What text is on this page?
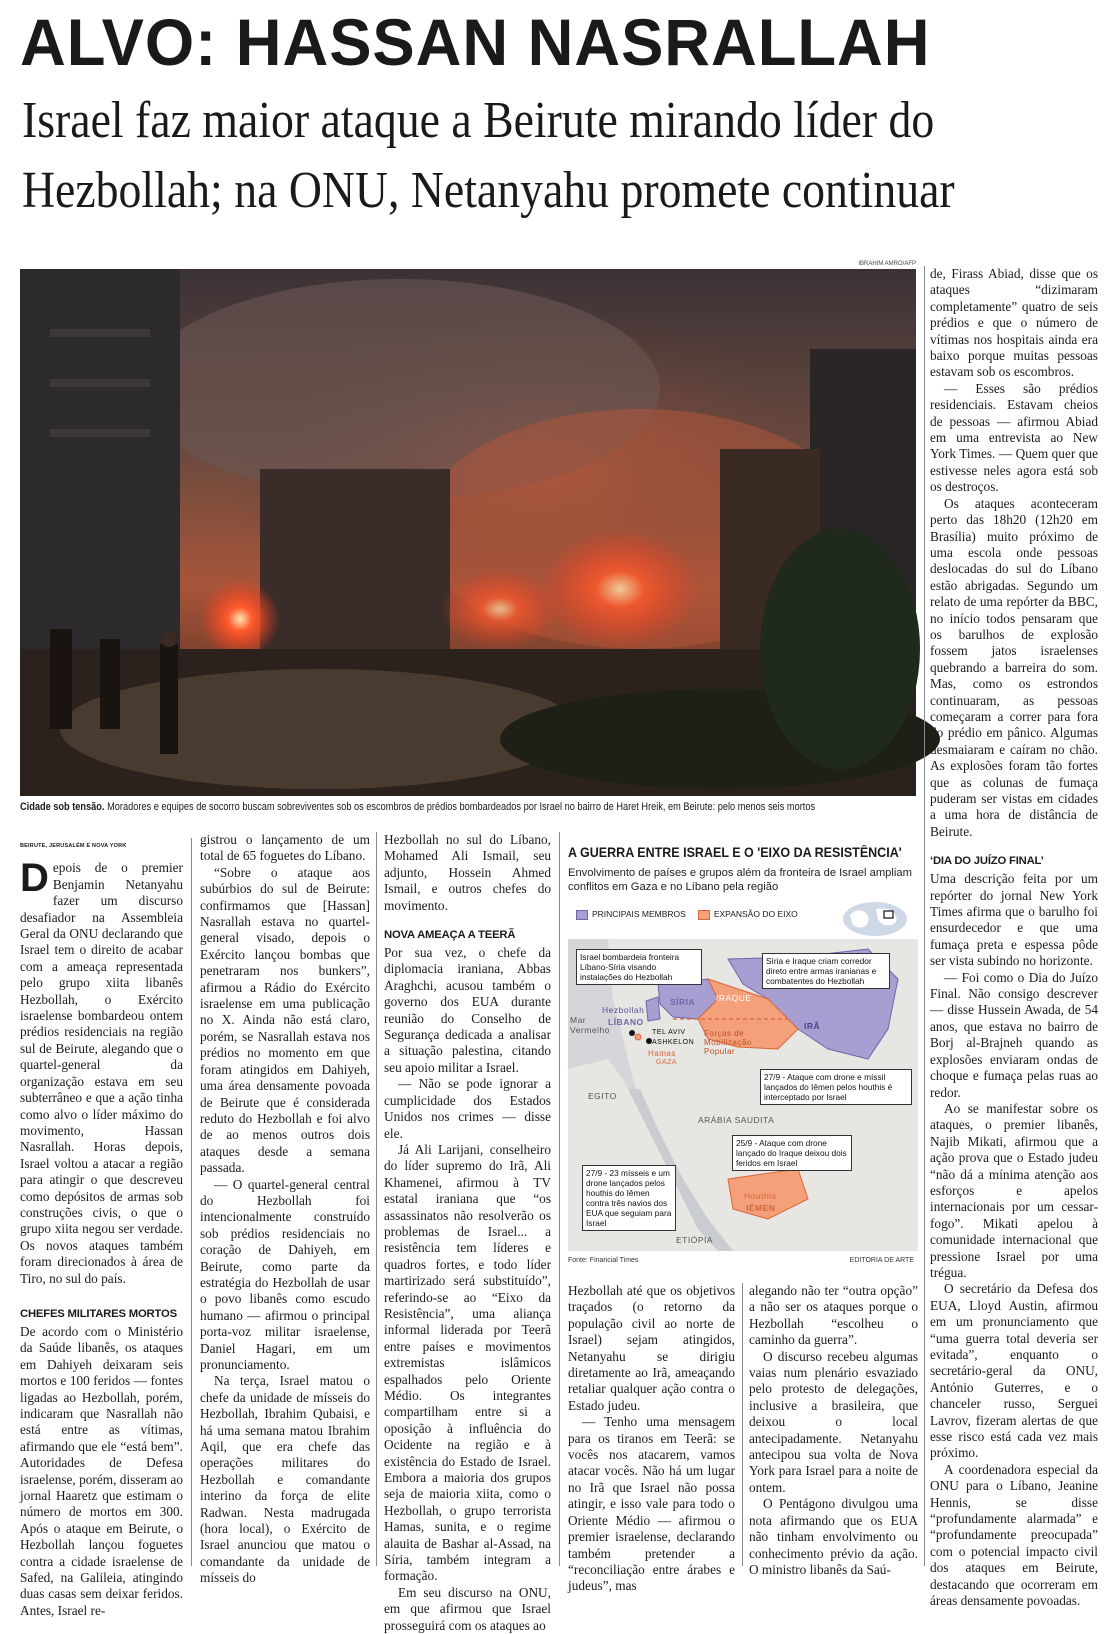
ALVO: HASSAN NASRALLAH
Israel faz maior ataque a Beirute mirando líder do Hezbollah; na ONU, Netanyahu promete continuar
IBRAHIM AMRO/AFP
Cidade sob tensão. Moradores e equipes de socorro buscam sobreviventes sob os escombros de prédios bombardeados por Israel no bairro de Haret Hreik, em Beirute: pelo menos seis mortos
BEIRUTE, JERUSALÉM E NOVA YORK

Depois de o premier Benjamin Netanyahu fazer um discurso desafiador na Assembleia Geral da ONU declarando que Israel tem o direito de acabar com a ameaça representada pelo grupo xiita libanês Hezbollah, o Exército israelense bombardeou ontem prédios residenciais na região sul de Beirute, alegando que o quartel-general da organização estava em seu subterrâneo e que a ação tinha como alvo o líder máximo do movimento, Hassan Nasrallah. Horas depois, Israel voltou a atacar a região para atingir o que descreveu como depósitos de armas sob construções civis, o que o grupo xiita negou ser verdade. Os novos ataques também foram direcionados à área de Tiro, no sul do país.

CHEFES MILITARES MORTOS

De acordo com o Ministério da Saúde libanês, os ataques em Dahiyeh deixaram seis mortos e 100 feridos — fontes ligadas ao Hezbollah, porém, indicaram que Nasrallah não está entre as vítimas, afirmando que ele “está bem”. Autoridades de Defesa israelense, porém, disseram ao jornal Haaretz que estimam o número de mortos em 300. Após o ataque em Beirute, o Hezbollah lançou foguetes contra a cidade israelense de Safed, na Galileia, atingindo duas casas sem deixar feridos. Antes, Israel re-

gistrou o lançamento de um total de 65 foguetes do Líbano.

“Sobre o ataque aos subúrbios do sul de Beirute: confirmamos que [Hassan] Nasrallah estava no quartel-general visado, depois o Exército lançou bombas que penetraram nos bunkers”, afirmou a Rádio do Exército israelense em uma publicação no X. Ainda não está claro, porém, se Nasrallah estava nos prédios no momento em que foram atingidos em Dahiyeh, uma área densamente povoada de Beirute que é considerada reduto do Hezbollah e foi alvo de ao menos outros dois ataques desde a semana passada.

— O quartel-general central do Hezbollah foi intencionalmente construído sob prédios residenciais no coração de Dahiyeh, em Beirute, como parte da estratégia do Hezbollah de usar o povo libanês como escudo humano — afirmou o principal porta-voz militar israelense, Daniel Hagari, em um pronunciamento.

Na terça, Israel matou o chefe da unidade de mísseis do Hezbollah, Ibrahim Qubaisi, e há uma semana matou Ibrahim Aqil, que era chefe das operações militares do Hezbollah e comandante interino da força de elite Radwan. Nesta madrugada (hora local), o Exército de Israel anunciou que matou o comandante da unidade de mísseis do

Hezbollah no sul do Líbano, Mohamed Ali Ismail, seu adjunto, Hossein Ahmed Ismail, e outros chefes do movimento.

NOVA AMEAÇA A TEERÃ

Por sua vez, o chefe da diplomacia iraniana, Abbas Araghchi, acusou também o governo dos EUA durante reunião do Conselho de Segurança dedicada a analisar a situação palestina, citando seu apoio militar a Israel.

— Não se pode ignorar a cumplicidade dos Estados Unidos nos crimes — disse ele.

Já Ali Larijani, conselheiro do líder supremo do Irã, Ali Khamenei, afirmou à TV estatal iraniana que “os assassinatos não resolverão os problemas de Israel... a resistência tem líderes e quadros fortes, e todo líder martirizado será substituído”, referindo-se ao “Eixo da Resistência”, uma aliança informal liderada por Teerã entre países e movimentos extremistas islâmicos espalhados pelo Oriente Médio. Os integrantes compartilham entre si a oposição à influência do Ocidente na região e à existência do Estado de Israel. Embora a maioria dos grupos seja de maioria xiita, como o Hezbollah, o grupo terrorista Hamas, sunita, e o regime alauita de Bashar al-Assad, na Síria, também integram a formação.

Em seu discurso na ONU, em que afirmou que Israel prosseguirá com os ataques ao

A GUERRA ENTRE ISRAEL E O 'EIXO DA RESISTÊNCIA'
Envolvimento de países e grupos além da fronteira de Israel ampliam conflitos em Gaza e no Líbano pela região
PRINCIPAIS MEMBROS	EXPANSÃO DO EIXO
Hezbollah
LÍBANO
SÍRIA IRAQUE
IRÃ
Forças de Mobilização Popular
TEL AVIV
ASHKELON
Hamas
GAZA
Mar Vermelho
EGITO
ARÁBIA SAUDITA
Houthis
IÊMEN
ETIÓPIA
Israel bombardeia fronteira Líbano-Síria visando instalações do Hezbollah
Síria e Iraque criam corredor direto entre armas iranianas e combatentes do Hezbollah
27/9 - Ataque com drone e míssil lançados do Iêmen pelos houthis é interceptado por Israel
25/9 - Ataque com drone lançado do Iraque deixou dois feridos em Israel
27/9 - 23 mísseis e um drone lançados pelos houthis do Iêmen contra três navios dos EUA que seguiam para Israel
Fonte: Financial Times	EDITORIA DE ARTE

Hezbollah até que os objetivos traçados (o retorno da população civil ao norte de Israel) sejam atingidos, Netanyahu se dirigiu diretamente ao Irã, ameaçando retaliar qualquer ação contra o Estado judeu.

— Tenho uma mensagem para os tiranos em Teerã: se vocês nos atacarem, vamos atacar vocês. Não há um lugar no Irã que Israel não possa atingir, e isso vale para todo o Oriente Médio — afirmou o premier israelense, declarando também pretender a “reconciliação entre árabes e judeus”, mas

alegando não ter “outra opção” a não ser os ataques porque o Hezbollah “escolheu o caminho da guerra”.

O discurso recebeu algumas vaias num plenário esvaziado pelo protesto de delegações, inclusive a brasileira, que deixou o local antecipadamente. Netanyahu antecipou sua volta de Nova York para Israel para a noite de ontem.

O Pentágono divulgou uma nota afirmando que os EUA não tinham envolvimento ou conhecimento prévio da ação. O ministro libanês da Saú-

de, Firass Abiad, disse que os ataques “dizimaram completamente” quatro de seis prédios e que o número de vítimas nos hospitais ainda era baixo porque muitas pessoas estavam sob os escombros.

— Esses são prédios residenciais. Estavam cheios de pessoas — afirmou Abiad em uma entrevista ao New York Times. — Quem quer que estivesse neles agora está sob os destroços.

Os ataques aconteceram perto das 18h20 (12h20 em Brasília) muito próximo de uma escola onde pessoas deslocadas do sul do Líbano estão abrigadas. Segundo um relato de uma repórter da BBC, no início todos pensaram que os barulhos de explosão fossem jatos israelenses quebrando a barreira do som. Mas, como os estrondos continuaram, as pessoas começaram a correr para fora do prédio em pânico. Algumas desmaiaram e caíram no chão. As explosões foram tão fortes que as colunas de fumaça puderam ser vistas em cidades a uma hora de distância de Beirute.

‘DIA DO JUÍZO FINAL’

Uma descrição feita por um repórter do jornal New York Times afirma que o barulho foi ensurdecedor e que uma fumaça preta e espessa pôde ser vista subindo no horizonte.

— Foi como o Dia do Juízo Final. Não consigo descrever — disse Hussein Awada, de 54 anos, que estava no bairro de Borj al-Brajneh quando as explosões enviaram ondas de choque e fumaça pelas ruas ao redor.

Ao se manifestar sobre os ataques, o premier libanês, Najib Mikati, afirmou que a ação prova que o Estado judeu “não dá a mínima atenção aos esforços e apelos internacionais por um cessar-fogo”. Mikati apelou à comunidade internacional que pressione Israel por uma trégua.

O secretário da Defesa dos EUA, Lloyd Austin, afirmou em um pronunciamento que “uma guerra total deveria ser evitada”, enquanto o secretário-geral da ONU, António Guterres, e o chanceler russo, Serguei Lavrov, fizeram alertas de que esse risco está cada vez mais próximo.

A coordenadora especial da ONU para o Líbano, Jeanine Hennis, se disse “profundamente alarmada” e “profundamente preocupada” com o potencial impacto civil dos ataques em Beirute, destacando que ocorreram em áreas densamente povoadas.
